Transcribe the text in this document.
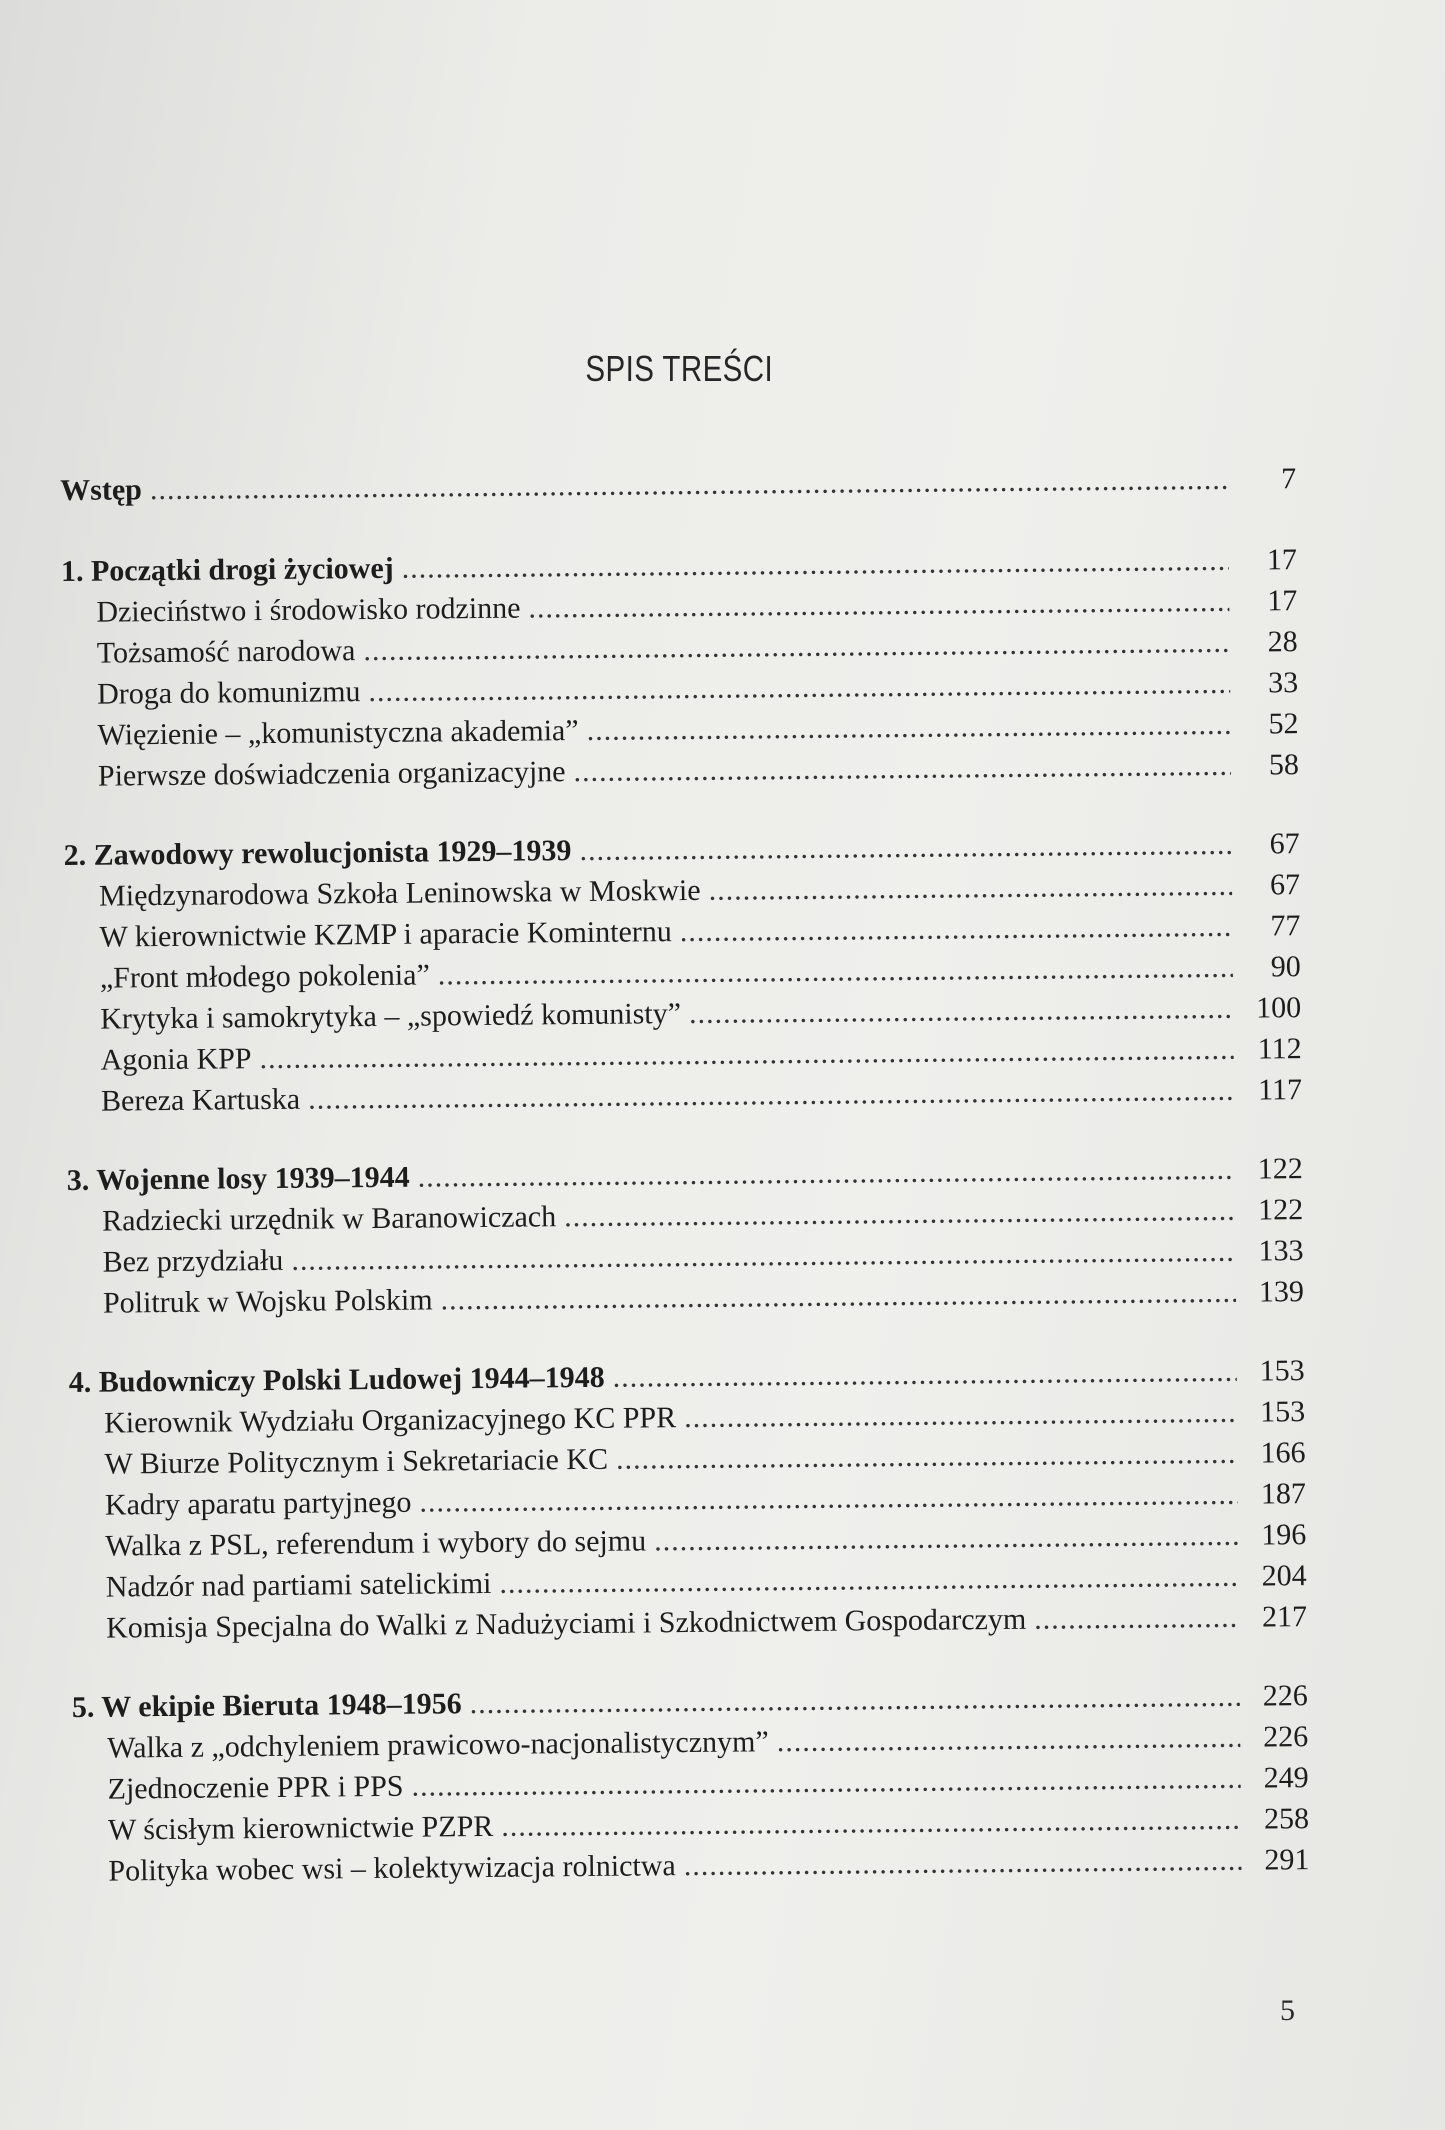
SPIS TREŚCI
Wstęp .....	7
1. Początki drogi życiowej .....	17
Dzieciństwo i środowisko rodzinne .....	17
Tożsamość narodowa .....	28
Droga do komunizmu .....	33
Więzienie – „komunistyczna akademia” .....	52
Pierwsze doświadczenia organizacyjne .....	58
2. Zawodowy rewolucjonista 1929–1939 .....	67
Międzynarodowa Szkoła Leninowska w Moskwie .....	67
W kierownictwie KZMP i aparacie Kominternu .....	77
„Front młodego pokolenia” .....	90
Krytyka i samokrytyka – „spowiedź komunisty” .....	100
Agonia KPP .....	112
Bereza Kartuska .....	117
3. Wojenne losy 1939–1944 .....	122
Radziecki urzędnik w Baranowiczach .....	122
Bez przydziału .....	133
Politruk w Wojsku Polskim .....	139
4. Budowniczy Polski Ludowej 1944–1948 .....	153
Kierownik Wydziału Organizacyjnego KC PPR .....	153
W Biurze Politycznym i Sekretariacie KC .....	166
Kadry aparatu partyjnego .....	187
Walka z PSL, referendum i wybory do sejmu .....	196
Nadzór nad partiami satelickimi .....	204
Komisja Specjalna do Walki z Nadużyciami i Szkodnictwem Gospodarczym .....	217
5. W ekipie Bieruta 1948–1956 .....	226
Walka z „odchyleniem prawicowo-nacjonalistycznym” .....	226
Zjednoczenie PPR i PPS .....	249
W ścisłym kierownictwie PZPR .....	258
Polityka wobec wsi – kolektywizacja rolnictwa .....	291
5
